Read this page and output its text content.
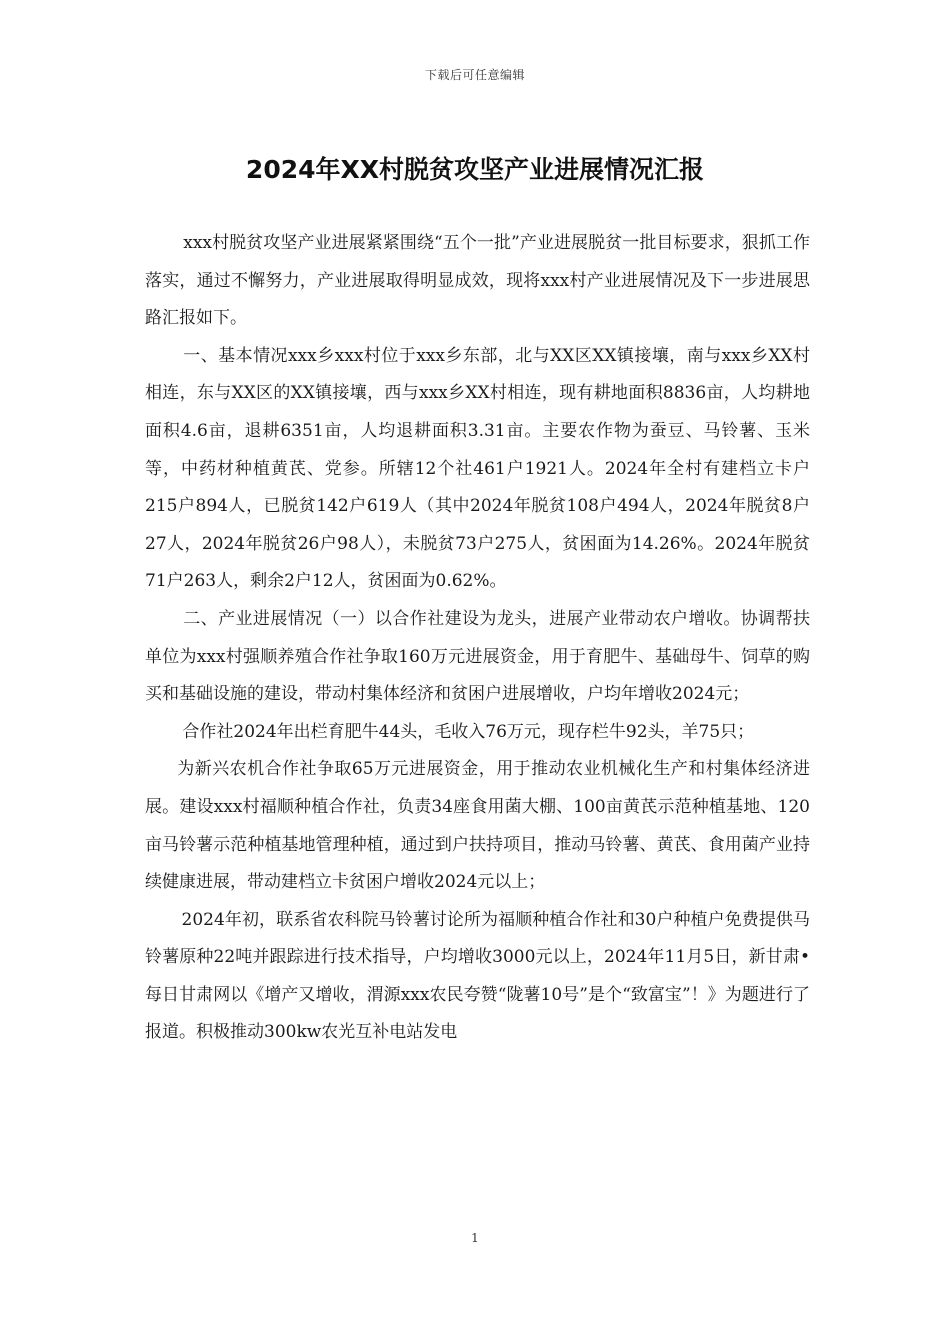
下载后可任意编辑
2024年XX村脱贫攻坚产业进展情况汇报

xxx村脱贫攻坚产业进展紧紧围绕“五个一批”产业进展脱贫一批目标要求，狠抓工作落实，通过不懈努力，产业进展取得明显成效，现将xxx村产业进展情况及下一步进展思路汇报如下。

一、基本情况xxx乡xxx村位于xxx乡东部，北与XX区XX镇接壤，南与xxx乡XX村相连，东与XX区的XX镇接壤，西与xxx乡XX村相连，现有耕地面积8836亩，人均耕地面积4.6亩，退耕6351亩，人均退耕面积3.31亩。主要农作物为蚕豆、马铃薯、玉米等，中药材种植黄芪、党参。所辖12个社461户1921人。2024年全村有建档立卡户215户894人，已脱贫142户619人（其中2024年脱贫108户494人，2024年脱贫8户27人，2024年脱贫26户98人），未脱贫73户275人，贫困面为14.26%。2024年脱贫71户263人，剩余2户12人，贫困面为0.62%。

二、产业进展情况（一）以合作社建设为龙头，进展产业带动农户增收。协调帮扶单位为xxx村强顺养殖合作社争取160万元进展资金，用于育肥牛、基础母牛、饲草的购买和基础设施的建设，带动村集体经济和贫困户进展增收，户均年增收2024元；

合作社2024年出栏育肥牛44头，毛收入76万元，现存栏牛92头，羊75只；

为新兴农机合作社争取65万元进展资金，用于推动农业机械化生产和村集体经济进展。建设xxx村福顺种植合作社，负责34座食用菌大棚、100亩黄芪示范种植基地、120亩马铃薯示范种植基地管理种植，通过到户扶持项目，推动马铃薯、黄芪、食用菌产业持续健康进展，带动建档立卡贫困户增收2024元以上；

2024年初，联系省农科院马铃薯讨论所为福顺种植合作社和30户种植户免费提供马铃薯原种22吨并跟踪进行技术指导，户均增收3000元以上，2024年11月5日，新甘肃•每日甘肃网以《增产又增收，渭源xxx农民夸赞“陇薯10号”是个“致富宝”！》为题进行了报道。积极推动300kw农光互补电站发电

1
